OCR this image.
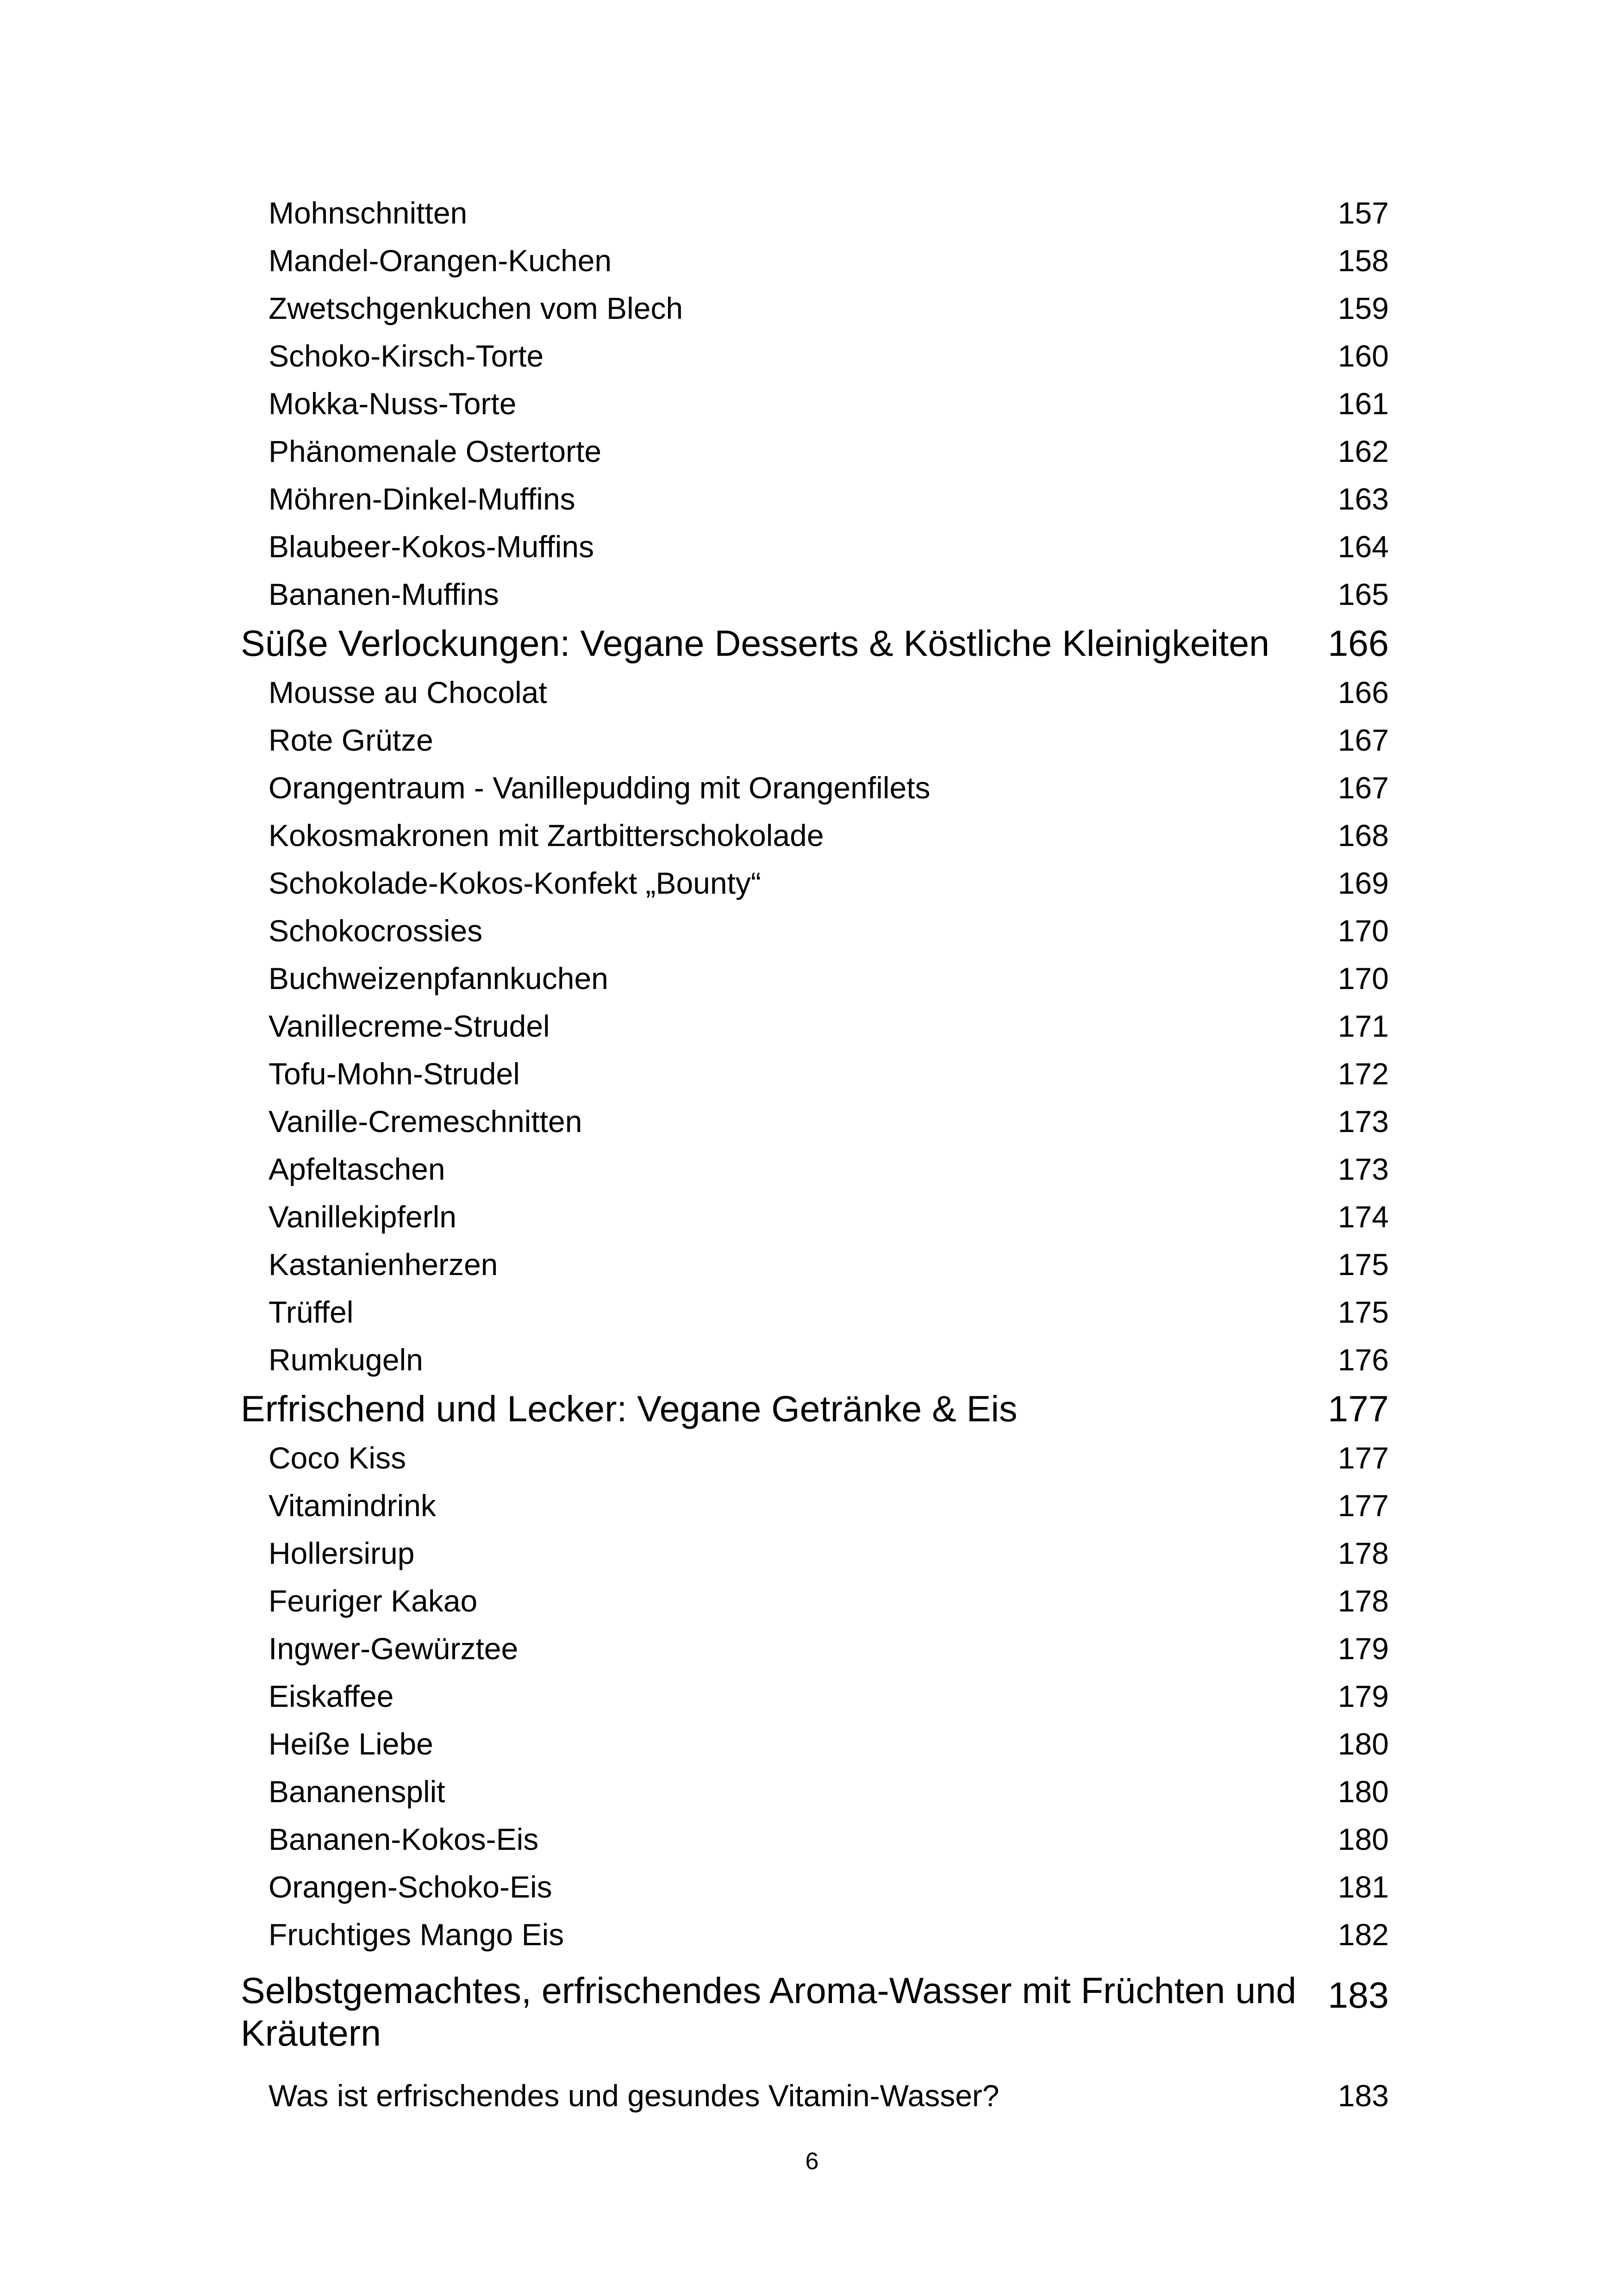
Mohnschnitten	157
Mandel-Orangen-Kuchen	158
Zwetschgenkuchen vom Blech	159
Schoko-Kirsch-Torte	160
Mokka-Nuss-Torte	161
Phänomenale Ostertorte	162
Möhren-Dinkel-Muffins	163
Blaubeer-Kokos-Muffins	164
Bananen-Muffins	165
Süße Verlockungen: Vegane Desserts & Köstliche Kleinigkeiten 166
Mousse au Chocolat	166
Rote Grütze	167
Orangentraum - Vanillepudding mit Orangenfilets	167
Kokosmakronen mit Zartbitterschokolade	168
Schokolade-Kokos-Konfekt „Bounty“	169
Schokocrossies	170
Buchweizenpfannkuchen	170
Vanillecreme-Strudel	171
Tofu-Mohn-Strudel	172
Vanille-Cremeschnitten	173
Apfeltaschen	173
Vanillekipferln	174
Kastanienherzen	175
Trüffel	175
Rumkugeln	176
Erfrischend und Lecker: Vegane Getränke & Eis	177
Coco Kiss	177
Vitamindrink	177
Hollersirup	178
Feuriger Kakao	178
Ingwer-Gewürztee	179
Eiskaffee	179
Heiße Liebe	180
Bananensplit	180
Bananen-Kokos-Eis	180
Orangen-Schoko-Eis	181
Fruchtiges Mango Eis	182
Selbstgemachtes, erfrischendes Aroma-Wasser mit Früchten und Kräutern
183
Was ist erfrischendes und gesundes Vitamin-Wasser?	183
6
